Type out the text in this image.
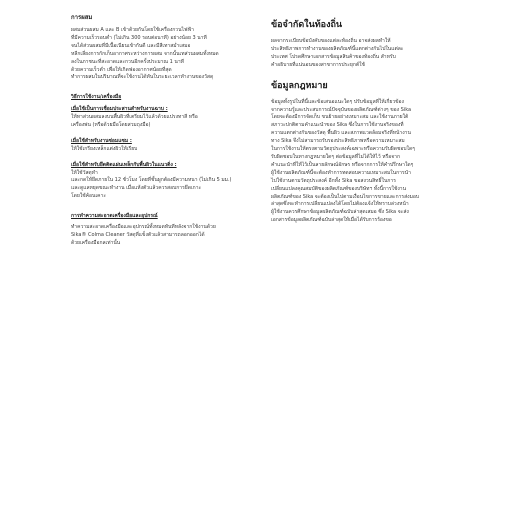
การผสม

ผสมส่วนผสม A และ B เข้าด้วยกันโดยใช้เครื่องกวนไฟฟ้า
ที่มีความเร็วรอบต่ำ (ไม่เกิน 300 รอบต่อนาที) อย่างน้อย 3 นาที
จนได้ส่วนผสมที่มีเนื้อเนียนเข้ากันดี และมีสีเทาสม่ำเสมอ
หลีกเลี่ยงการกักเก็บอากาศระหว่างการผสม จากนั้นเทส่วนผสมทั้งหมด
ลงในภาชนะที่สะอาดและกวนอีกครั้งประมาณ 1 นาที
ด้วยความเร็วต่ำ เพื่อให้เกิดฟองอากาศน้อยที่สุด
ทำการผสมในปริมาณที่จะใช้งานได้ทันในระยะเวลาทำงานของวัสดุ

วิธีการใช้งาน/เครื่องมือ

เมื่อใช้เป็นการเชื่อมประสานสำหรับงานฉาบ :

ให้ทาส่วนผสมลงบนพื้นผิวที่เตรียมไว้แล้วด้วยแปรงทาสี หรือ
เครื่องพ่น (หรือด้วยมือโดยสวมถุงมือ)

เมื่อใช้สำหรับงานซ่อมแซม :
ให้ใช้เกรียงเหล็กแต่งผิวให้เรียบ

เมื่อใช้สำหรับยึดติดแผ่นเหล็กกับพื้นผิวในแนวดิ่ง :
ให้ใช้วัสดุทำ
และกดให้ยึดภายใน 12 ชั่วโมง โดยที่ชั้นผูกต้องมีความหนา (ไม่เกิน 5 มม.)
และดูแลหยุดขณะทำงาน เมื่อแห้งตัวแล้วควรสอบการยึดเกาะ
โดยใช้ค้อนเคาะ

การทำความสะอาดเครื่องมือและอุปกรณ์

ทำความสะอาดเครื่องมือและอุปกรณ์ทั้งหมดทันทีหลังจากใช้งานด้วย
Sika® Colma Cleaner วัสดุที่แข็งตัวแล้วสามารถลอกออกได้
ด้วยเครื่องมือกลเท่านั้น

ข้อจำกัดในท้องถิ่น

ผลจากระเบียบข้อบังคับของแต่ละท้องถิ่น อาจส่งผลทำให้
ประสิทธิภาพการทำงานของผลิตภัณฑ์นี้แตกต่างกันไปในแต่ละ
ประเทศ โปรดศึกษาเอกสารข้อมูลสินค้าของท้องถิ่น สำหรับ
คำอธิบายที่แน่นอนของสาขาการประยุกต์ใช้

ข้อมูลกฎหมาย

ข้อมูลทั้งรูปในที่นี้และข้อเสนอแนะใดๆ ปรับข้อมูลที่ให้เกี่ยวข้อง
จากความรู้และประสบการณ์ปัจจุบันของผลิตภัณฑ์ต่างๆ ของ Sika
โดยจะต้องมีการจัดเก็บ ขนย้ายอย่างเหมาะสม และใช้งานภายใต้
สภาวะปกติตามคำแนะนำของ Sika ซึ่งในการใช้งานจริงของที่
ความแตกต่างกันของวัสดุ พื้นผิว และสภาพแวดล้อมจริงที่หน้างาน
ทาง Sika จึงไม่สามารถรับรองประสิทธิภาพหรือความเหมาะสม
ในการใช้งานให้ตรงตามวัตถุประสงค์เฉพาะหรือความรับผิดชอบใดๆ
รับผิดชอบในทางกฎหมายใดๆ ต่อข้อมูลที่ไม่ได้ให้ไว้ หรือจาก
คำแนะนำที่ให้ไว้เป็นลายลักษณ์อักษร หรือจากการให้คำปรึกษาใดๆ
ผู้ใช้งานผลิตภัณฑ์นี้จะต้องทำการทดสอบความเหมาะสมในการนำ
ไปใช้งานตามวัตถุประสงค์ อีกทั้ง Sika ขอสงวนสิทธิ์ในการ
เปลี่ยนแปลงคุณสมบัติของผลิตภัณฑ์ของบริษัทฯ ทั้งนี้การใช้งาน
ผลิตภัณฑ์ของ Sika จะต้องเป็นไปตามเงื่อนไขการขายและการส่งมอบ
ล่าสุดซึ่งจะทำการเปลี่ยนแปลงได้โดยไม่ต้องแจ้งให้ทราบล่วงหน้า
ผู้ใช้งานควรศึกษาข้อมูลผลิตภัณฑ์ฉบับล่าสุดเสมอ ซึ่ง Sika จะส่ง
เอกสารข้อมูลผลิตภัณฑ์ฉบับล่าสุดให้เมื่อได้รับการร้องขอ
